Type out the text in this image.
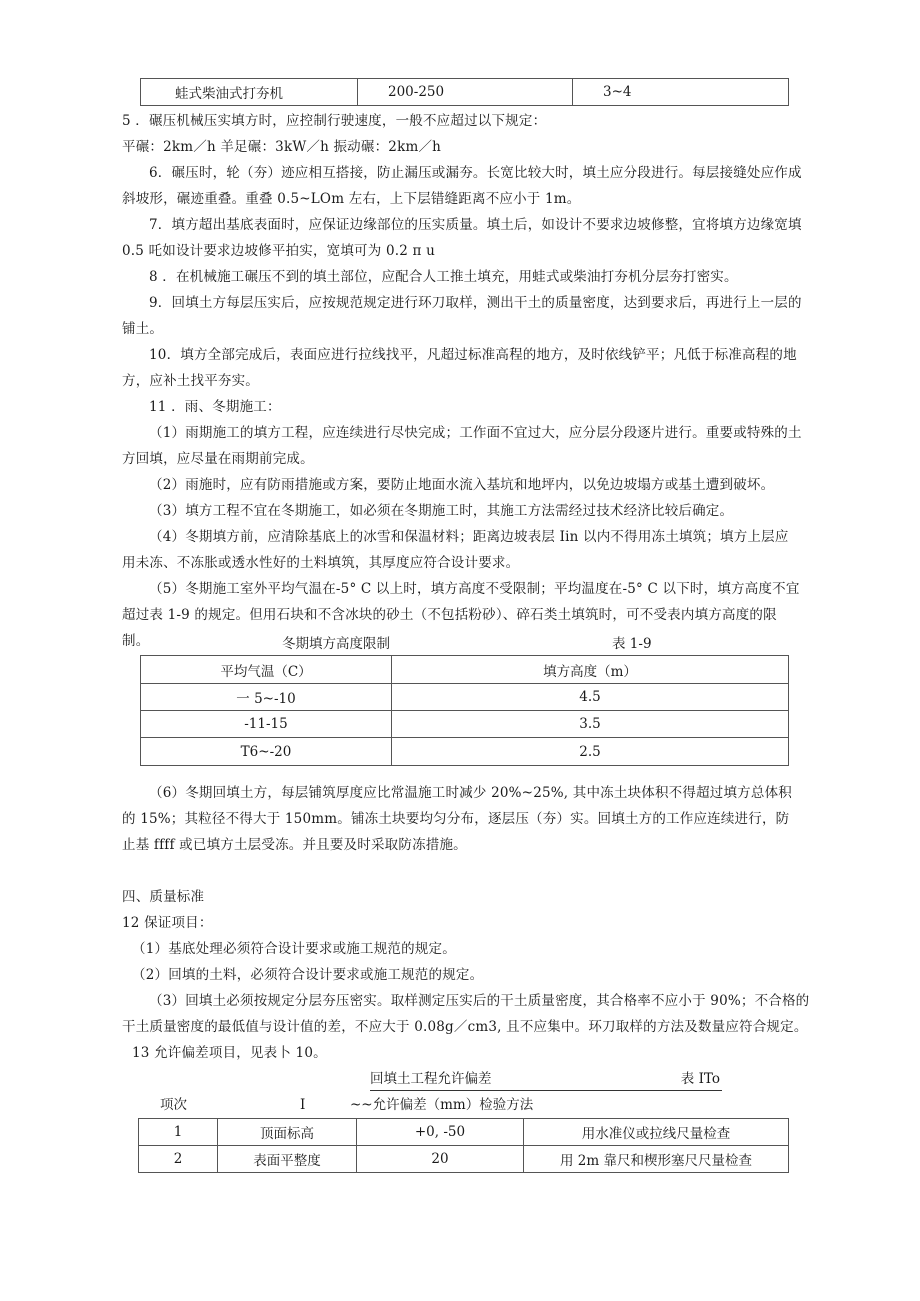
蛙式柴油式打夯机	200-250	3~4
5 ．碾压机械压实填方时，应控制行驶速度，一般不应超过以下规定：
平碾：2km／h 羊足碾：3kW／h 振动碾：2km／h
6．碾压时，轮（夯）迹应相互搭接，防止漏压或漏夯。长宽比较大时，填土应分段进行。每层接缝处应作成斜坡形，碾迹重叠。重叠 0.5~LOm 左右，上下层错缝距离不应小于 1m。
7．填方超出基底表面时，应保证边缘部位的压实质量。填土后，如设计不要求边坡修整，宜将填方边缘宽填 0.5 吒如设计要求边坡修平拍实，宽填可为 0.2 π u
8 ．在机械施工碾压不到的填土部位，应配合人工推土填充，用蛙式或柴油打夯机分层夯打密实。
9．回填土方每层压实后，应按规范规定进行环刀取样，测出干土的质量密度，达到要求后，再进行上一层的铺土。
10．填方全部完成后，表面应进行拉线找平，凡超过标准高程的地方，及时依线铲平；凡低于标准高程的地方，应补土找平夯实。
11 ．雨、冬期施工：
（1）雨期施工的填方工程，应连续进行尽快完成；工作面不宜过大，应分层分段逐片进行。重要或特殊的土方回填，应尽量在雨期前完成。
（2）雨施时，应有防雨措施或方案，要防止地面水流入基坑和地坪内，以免边坡塌方或基土遭到破坏。
（3）填方工程不宜在冬期施工，如必须在冬期施工时，其施工方法需经过技术经济比较后确定。
（4）冬期填方前，应清除基底上的冰雪和保温材料；距离边坡表层 Iin 以内不得用冻土填筑；填方上层应用未冻、不冻胀或透水性好的土料填筑，其厚度应符合设计要求。
（5）冬期施工室外平均气温在-5° C 以上时，填方高度不受限制；平均温度在-5° C 以下时，填方高度不宜超过表 1-9 的规定。但用石块和不含冰块的砂土（不包括粉砂）、碎石类土填筑时，可不受表内填方高度的限制。	冬期填方高度限制	表 1-9
平均气温（C）	填方高度（m）
一 5~-10	4.5
-11-15	3.5
T6~-20	2.5
（6）冬期回填土方，每层铺筑厚度应比常温施工时减少 20%~25%, 其中冻土块体积不得超过填方总体积的 15%；其粒径不得大于 150mm。铺冻土块要均匀分布，逐层压（夯）实。回填土方的工作应连续进行，防止基 ffff 或已填方土层受冻。并且要及时采取防冻措施。
四、质量标准
12 保证项目：
（1）基底处理必须符合设计要求或施工规范的规定。
（2）回填的土料，必须符合设计要求或施工规范的规定。
（3）回填土必须按规定分层夯压密实。取样测定压实后的干土质量密度，其合格率不应小于 90%；不合格的干土质量密度的最低值与设计值的差，不应大于 0.08g／cm3, 且不应集中。环刀取样的方法及数量应符合规定。
13 允许偏差项目，见表卜 10。
回填土工程允许偏差	表 ITo
项次	I	~~允许偏差（mm）检验方法
1	顶面标高	+0, -50	用水准仪或拉线尺量检查
2	表面平整度	20	用 2m 靠尺和楔形塞尺尺量检查
